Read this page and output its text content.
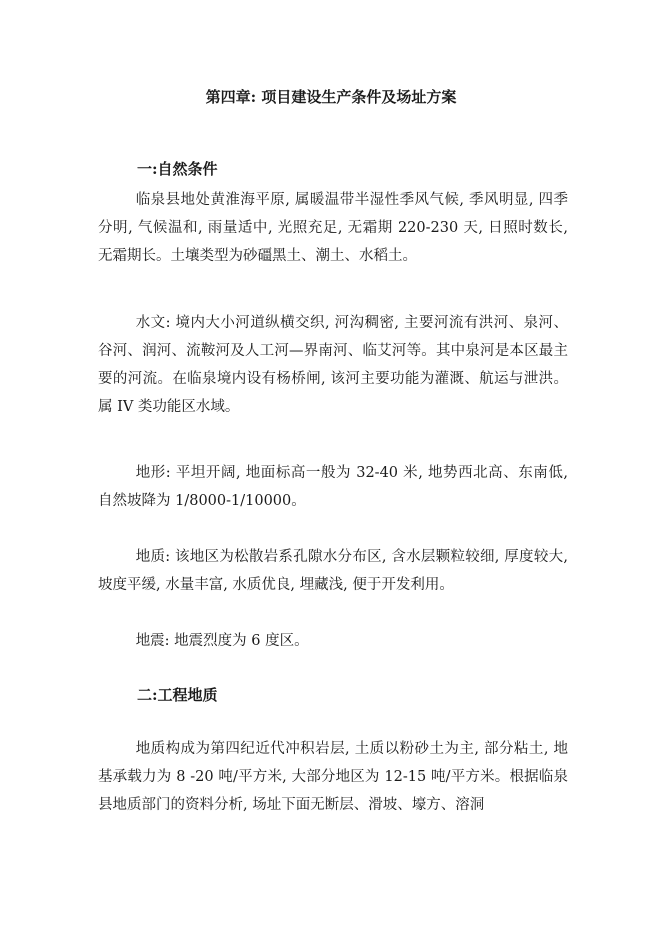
第四章: 项目建设生产条件及场址方案
一:自然条件

临泉县地处黄淮海平原, 属暖温带半湿性季风气候, 季风明显, 四季分明, 气候温和, 雨量适中, 光照充足, 无霜期 220-230 天, 日照时数长, 无霜期长。土壤类型为砂礓黑土、潮土、水稻土。

水文: 境内大小河道纵横交织, 河沟稠密, 主要河流有洪河、泉河、谷河、润河、流鞍河及人工河—界南河、临艾河等。其中泉河是本区最主要的河流。在临泉境内设有杨桥闸, 该河主要功能为灌溉、航运与泄洪。属 IV 类功能区水域。

地形: 平坦开阔, 地面标高一般为 32-40 米, 地势西北高、东南低, 自然坡降为 1/8000-1/10000。

地质: 该地区为松散岩系孔隙水分布区, 含水层颗粒较细, 厚度较大, 坡度平缓, 水量丰富, 水质优良, 埋藏浅, 便于开发利用。

地震: 地震烈度为 6 度区。

二:工程地质

地质构成为第四纪近代冲积岩层, 土质以粉砂土为主, 部分粘土, 地基承载力为 8 -20 吨/平方米, 大部分地区为 12-15 吨/平方米。根据临泉县地质部门的资料分析, 场址下面无断层、滑坡、壕方、溶洞
